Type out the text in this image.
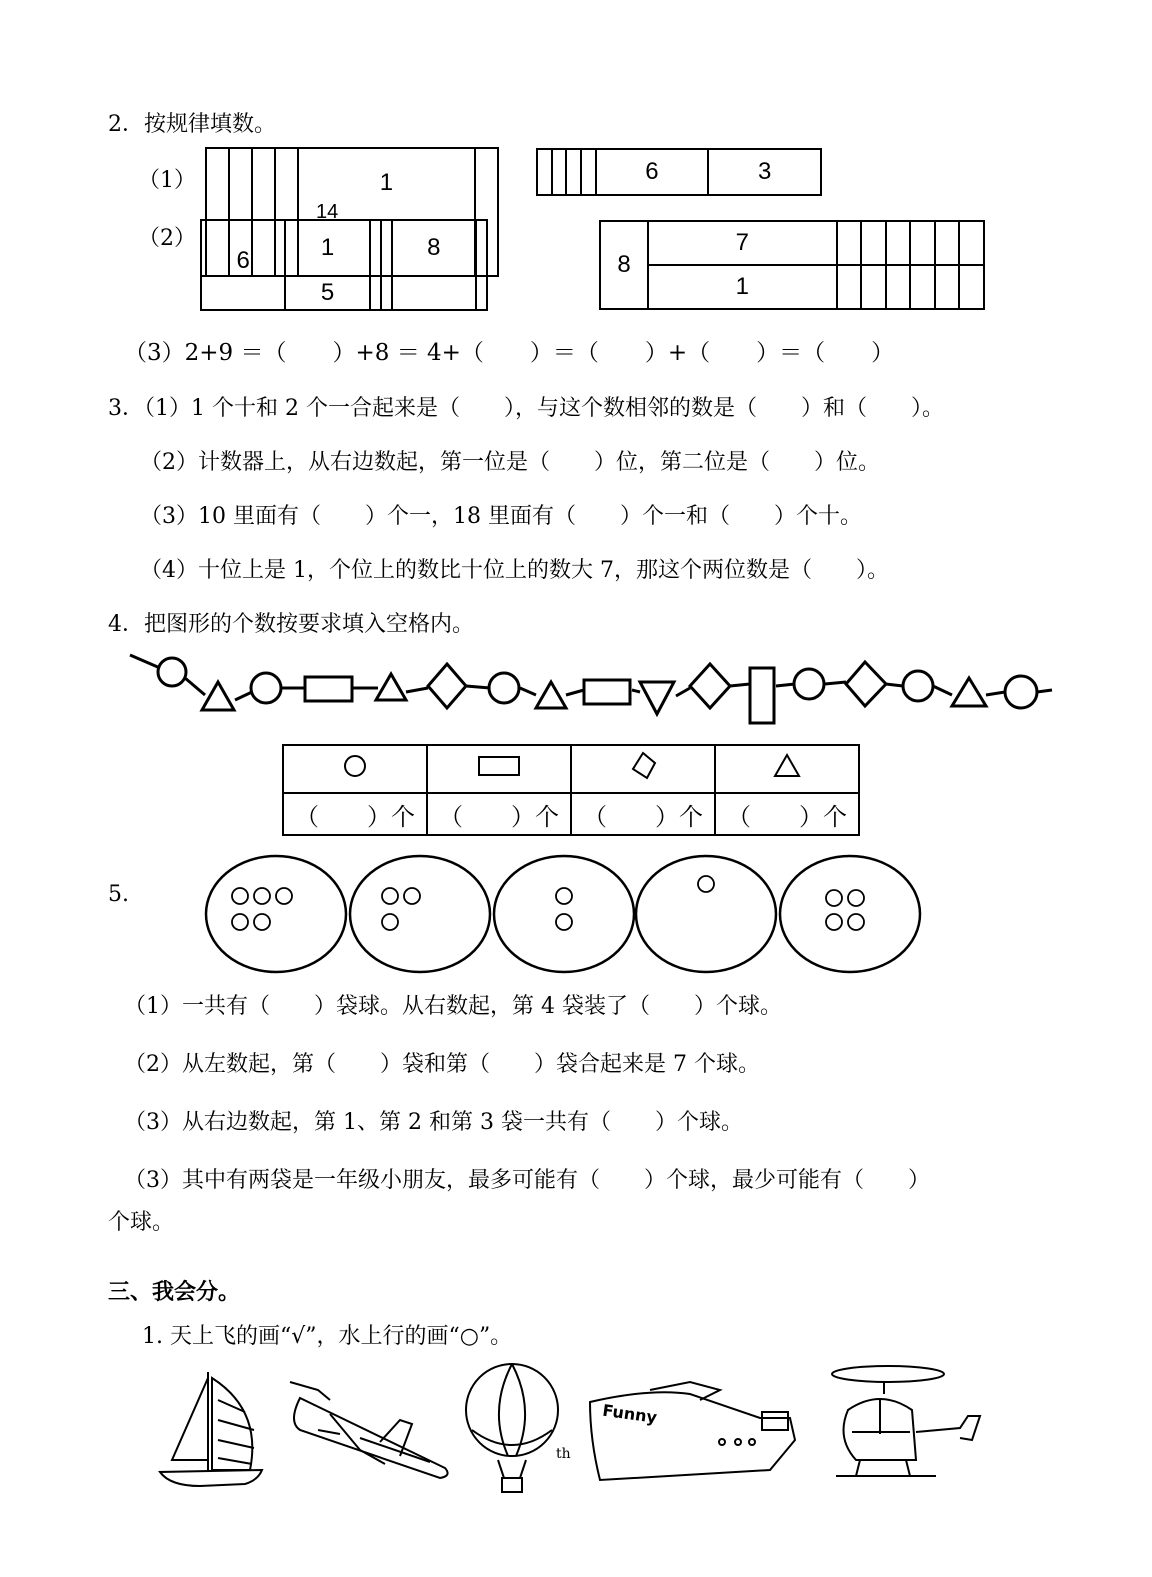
2．按规律填数。
（1）
（2）
				1	
14
				6	3
6	1			8	
	5				
8	7						
	1						
（3）2+9 ＝（　　）+8 ＝ 4+（　　）＝（　　）+（　　）＝（　　）
3．（1）1 个十和 2 个一合起来是（　　），与这个数相邻的数是（　　）和（　　）。
（2）计数器上，从右边数起，第一位是（　　）位，第二位是（　　）位。
（3）10 里面有（　　）个一，18 里面有（　　）个一和（　　）个十。
（4）十位上是 1，个位上的数比十位上的数大 7，那这个两位数是（　　）。
4．把图形的个数按要求填入空格内。

（　　）个	（　　）个	（　　）个	（　　）个
5.
（1）一共有（　　）袋球。从右数起，第 4 袋装了（　　）个球。
（2）从左数起，第（　　）袋和第（　　）袋合起来是 7 个球。
（3）从右边数起，第 1、第 2 和第 3 袋一共有（　　）个球。
（3）其中有两袋是一年级小朋友，最多可能有（　　）个球，最少可能有（　　）
个球。
三、我会分。
1. 天上飞的画“√”，水上行的画“○”。
Funny
th
